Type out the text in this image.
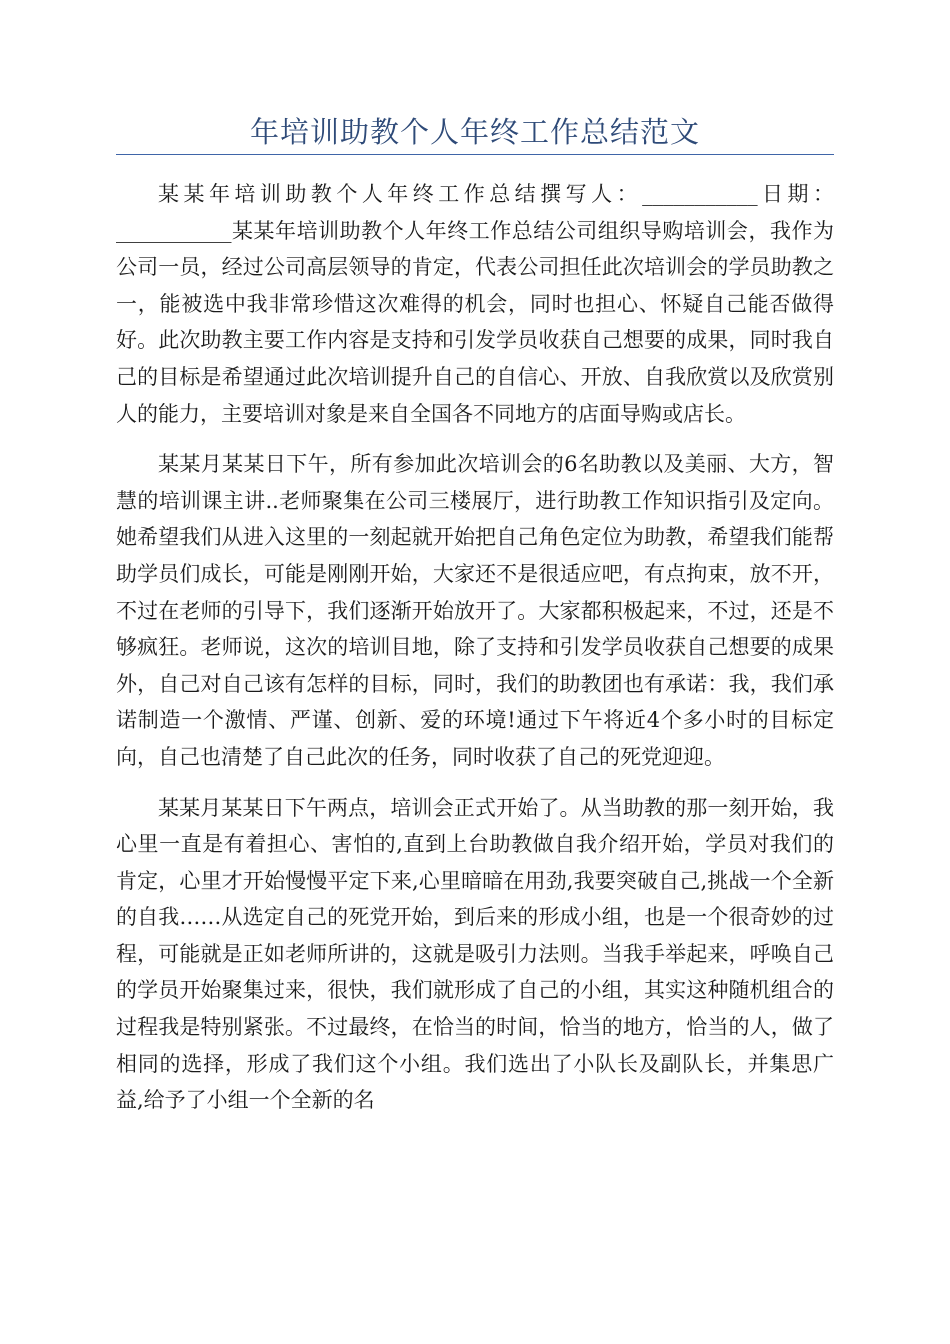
年培训助教个人年终工作总结范文

某某年培训助教个人年终工作总结撰写人：___________日期：___________某某年培训助教个人年终工作总结公司组织导购培训会，我作为公司一员，经过公司高层领导的肯定，代表公司担任此次培训会的学员助教之一，能被选中我非常珍惜这次难得的机会，同时也担心、怀疑自己能否做得好。此次助教主要工作内容是支持和引发学员收获自己想要的成果，同时我自己的目标是希望通过此次培训提升自己的自信心、开放、自我欣赏以及欣赏别人的能力，主要培训对象是来自全国各不同地方的店面导购或店长。

某某月某某日下午，所有参加此次培训会的6名助教以及美丽、大方，智慧的培训课主讲..老师聚集在公司三楼展厅，进行助教工作知识指引及定向。她希望我们从进入这里的一刻起就开始把自己角色定位为助教，希望我们能帮助学员们成长，可能是刚刚开始，大家还不是很适应吧，有点拘束，放不开，不过在老师的引导下，我们逐渐开始放开了。大家都积极起来，不过，还是不够疯狂。老师说，这次的培训目地，除了支持和引发学员收获自己想要的成果外，自己对自己该有怎样的目标，同时，我们的助教团也有承诺：我，我们承诺制造一个激情、严谨、创新、爱的环境!通过下午将近4个多小时的目标定向，自己也清楚了自己此次的任务，同时收获了自己的死党迎迎。

某某月某某日下午两点，培训会正式开始了。从当助教的那一刻开始，我心里一直是有着担心、害怕的,直到上台助教做自我介绍开始，学员对我们的肯定，心里才开始慢慢平定下来,心里暗暗在用劲,我要突破自己,挑战一个全新的自我……从选定自己的死党开始，到后来的形成小组，也是一个很奇妙的过程，可能就是正如老师所讲的，这就是吸引力法则。当我手举起来，呼唤自己的学员开始聚集过来，很快，我们就形成了自己的小组，其实这种随机组合的过程我是特别紧张。不过最终，在恰当的时间，恰当的地方，恰当的人，做了相同的选择，形成了我们这个小组。我们选出了小队长及副队长，并集思广益,给予了小组一个全新的名
